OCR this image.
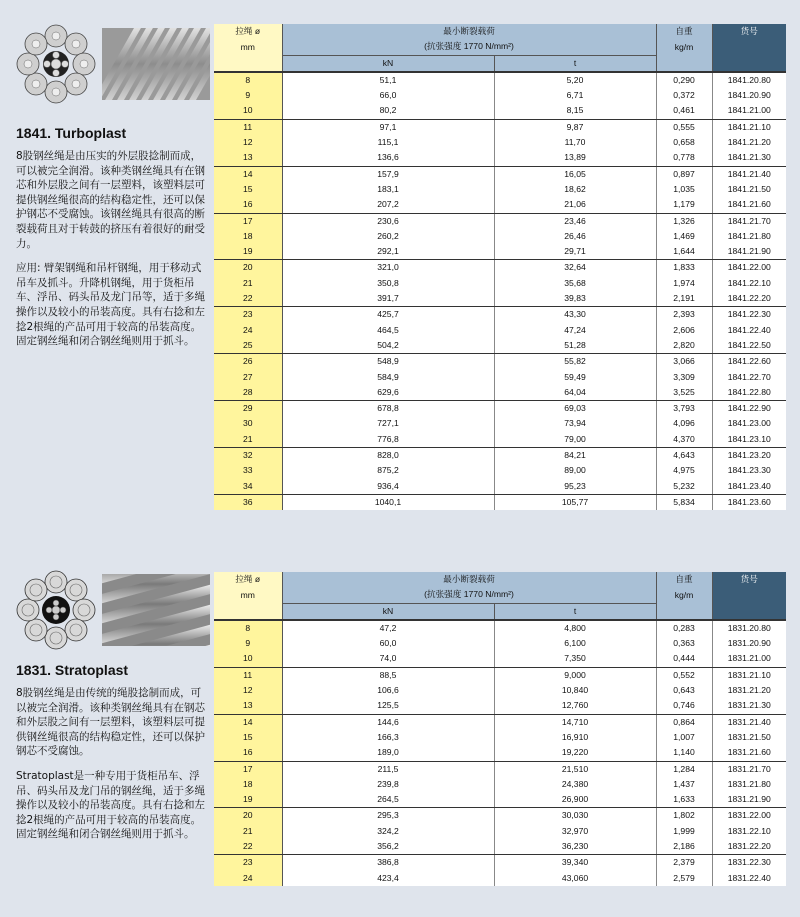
1841. Turboplast

8股钢丝绳是由压实的外层股捻制而成，可以被完全润滑。该种类钢丝绳具有在钢芯和外层股之间有一层塑料，该塑料层可提供钢丝绳很高的结构稳定性，还可以保护钢芯不受腐蚀。该钢丝绳具有很高的断裂载荷且对于转鼓的挤压有着很好的耐受力。

应用: 臂架钢绳和吊杆钢绳，用于移动式吊车及抓斗。升降机钢绳，用于货柜吊车、浮吊、码头吊及龙门吊等，适于多绳操作以及较小的吊装高度。具有右捻和左捻2根绳的产品可用于较高的吊装高度。固定钢丝绳和闭合钢丝绳则用于抓斗。

拉绳 ø	最小断裂载荷		自重	货号
mm	(抗张强度 1770 N/mm²)		kg/m	
	kN	t		
8	51,1	5,20	0,290	1841.20.80
9	66,0	6,71	0,372	1841.20.90
10	80,2	8,15	0,461	1841.21.00
11	97,1	9,87	0,555	1841.21.10
12	115,1	11,70	0,658	1841.21.20
13	136,6	13,89	0,778	1841.21.30
14	157,9	16,05	0,897	1841.21.40
15	183,1	18,62	1,035	1841.21.50
16	207,2	21,06	1,179	1841.21.60
17	230,6	23,46	1,326	1841.21.70
18	260,2	26,46	1,469	1841.21.80
19	292,1	29,71	1,644	1841.21.90
20	321,0	32,64	1,833	1841.22.00
21	350,8	35,68	1,974	1841.22.10
22	391,7	39,83	2,191	1841.22.20
23	425,7	43,30	2,393	1841.22.30
24	464,5	47,24	2,606	1841.22.40
25	504,2	51,28	2,820	1841.22.50
26	548,9	55,82	3,066	1841.22.60
27	584,9	59,49	3,309	1841.22.70
28	629,6	64,04	3,525	1841.22.80
29	678,8	69,03	3,793	1841.22.90
30	727,1	73,94	4,096	1841.23.00
21	776,8	79,00	4,370	1841.23.10
32	828,0	84,21	4,643	1841.23.20
33	875,2	89,00	4,975	1841.23.30
34	936,4	95,23	5,232	1841.23.40
36	1040,1	105,77	5,834	1841.23.60
1831. Stratoplast

8股钢丝绳是由传统的绳股捻制而成，可以被完全润滑。该种类钢丝绳具有在钢芯和外层股之间有一层塑料，该塑料层可提供钢丝绳很高的结构稳定性，还可以保护钢芯不受腐蚀。

Stratoplast是一种专用于货柜吊车、浮吊、码头吊及龙门吊的钢丝绳，适于多绳操作以及较小的吊装高度。具有右捻和左捻2根绳的产品可用于较高的吊装高度。固定钢丝绳和闭合钢丝绳则用于抓斗。

拉绳 ø	最小断裂载荷		自重	货号
mm	(抗张强度 1770 N/mm²)		kg/m	
	kN	t		
8	47,2	4,800	0,283	1831.20.80
9	60,0	6,100	0,363	1831.20.90
10	74,0	7,350	0,444	1831.21.00
11	88,5	9,000	0,552	1831.21.10
12	106,6	10,840	0,643	1831.21.20
13	125,5	12,760	0,746	1831.21.30
14	144,6	14,710	0,864	1831.21.40
15	166,3	16,910	1,007	1831.21.50
16	189,0	19,220	1,140	1831.21.60
17	211,5	21,510	1,284	1831.21.70
18	239,8	24,380	1,437	1831.21.80
19	264,5	26,900	1,633	1831.21.90
20	295,3	30,030	1,802	1831.22.00
21	324,2	32,970	1,999	1831.22.10
22	356,2	36,230	2,186	1831.22.20
23	386,8	39,340	2,379	1831.22.30
24	423,4	43,060	2,579	1831.22.40
